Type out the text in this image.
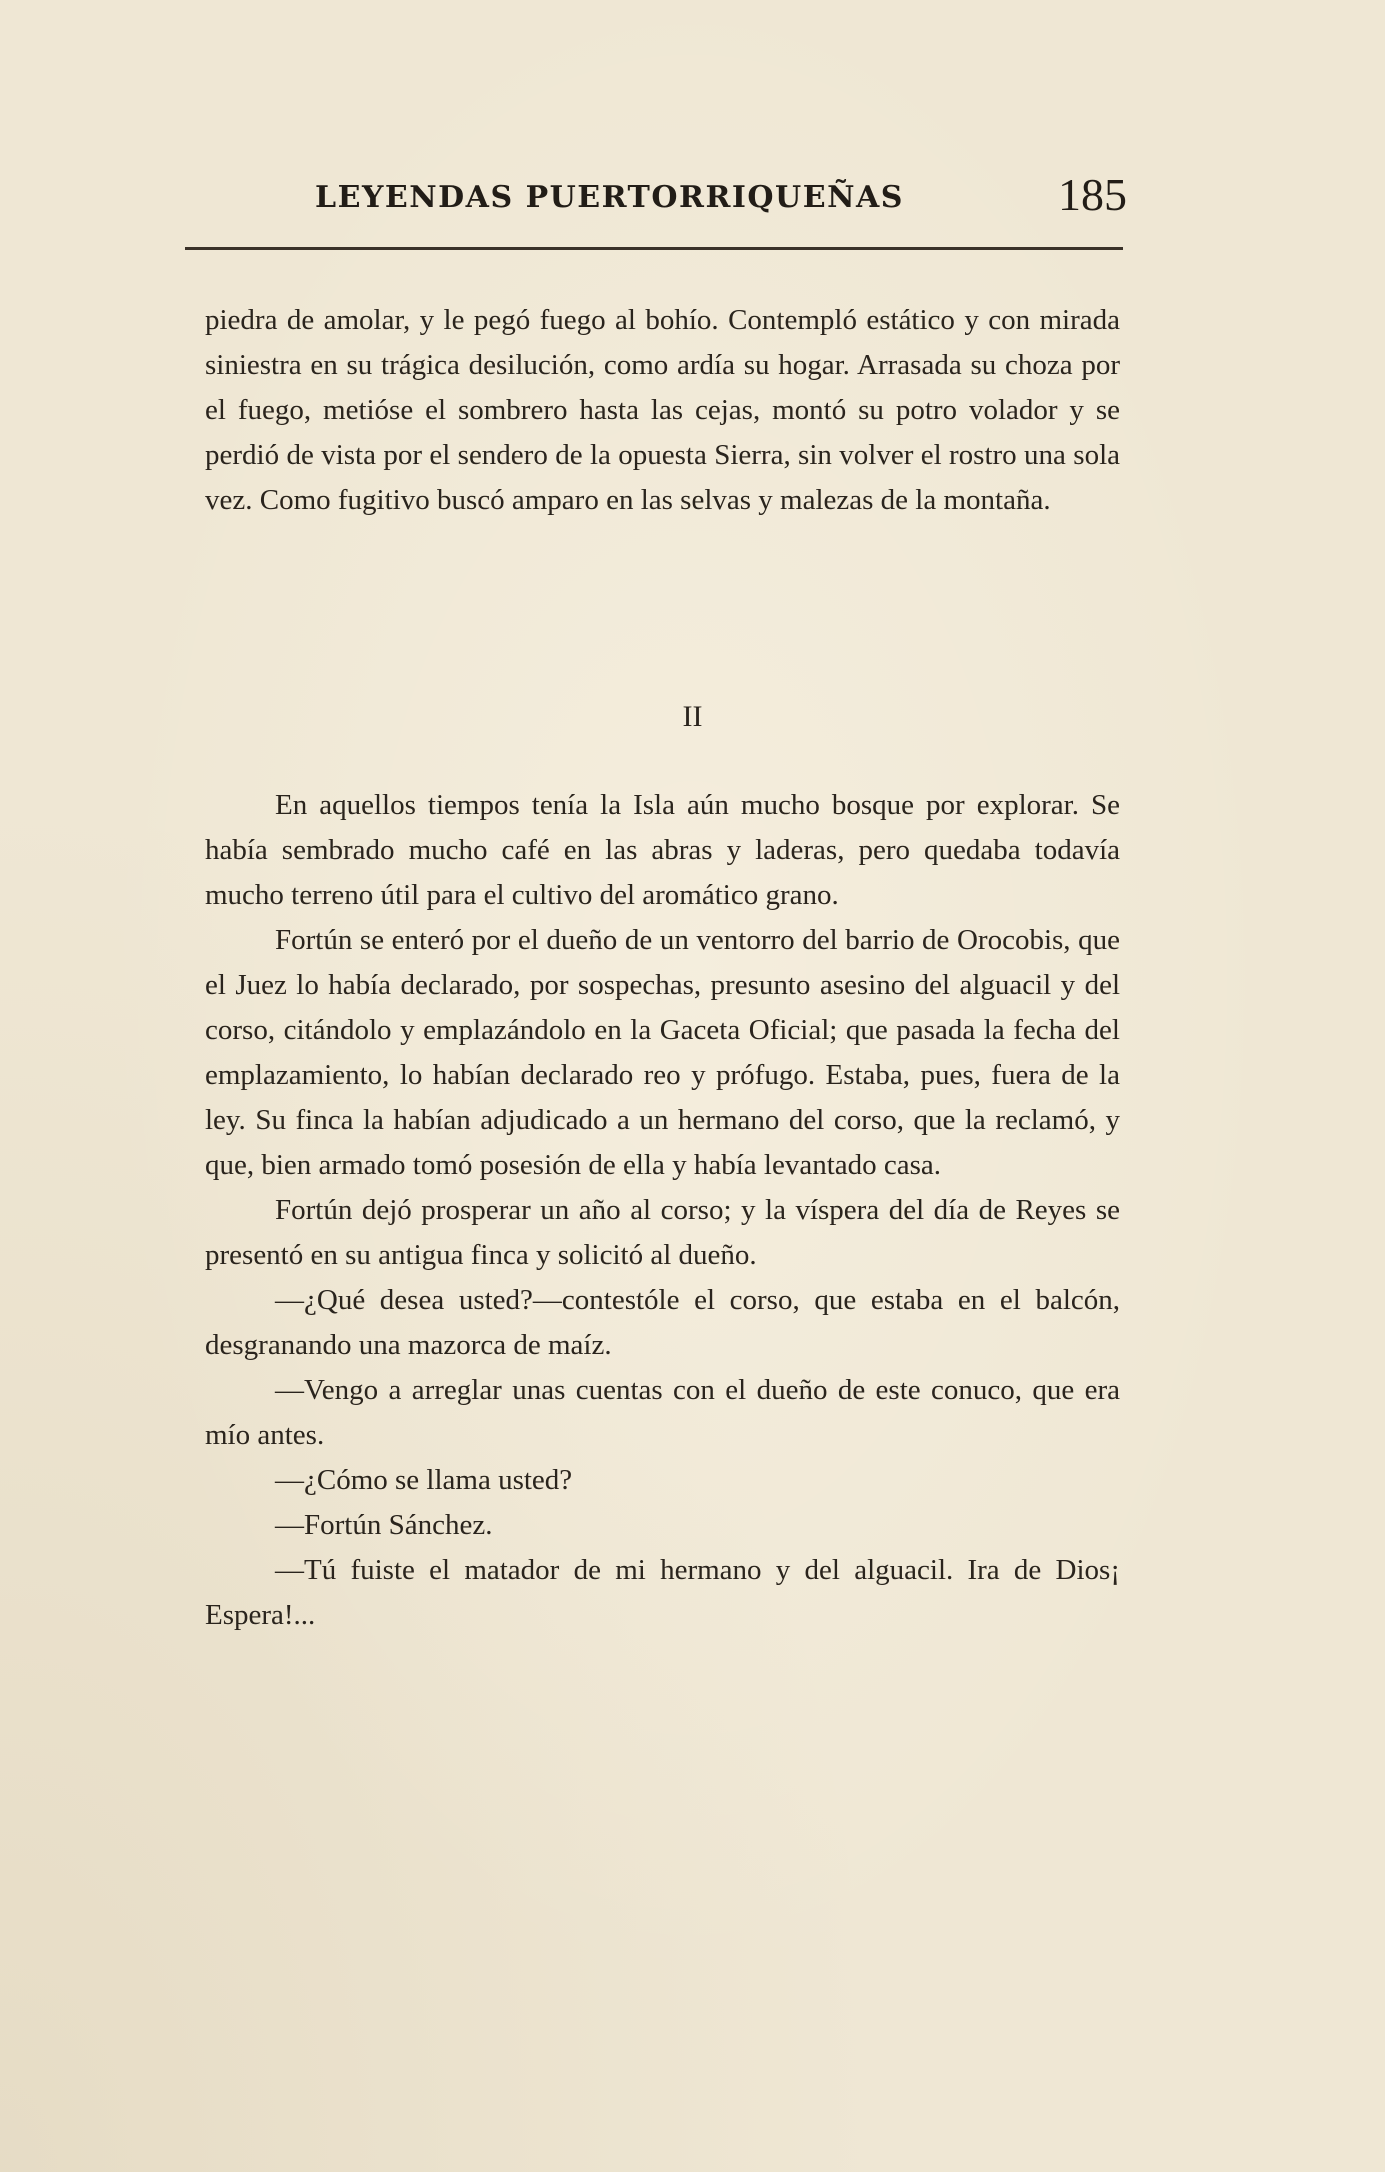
LEYENDAS PUERTORRIQUEÑAS	185

piedra de amolar, y le pegó fuego al bohío. Contempló estático y con mirada siniestra en su trágica desilución, como ardía su hogar. Arrasada su choza por el fuego, metióse el sombrero hasta las cejas, montó su potro volador y se perdió de vista por el sendero de la opuesta Sierra, sin volver el rostro una sola vez. Como fugitivo buscó amparo en las selvas y malezas de la montaña.

II

En aquellos tiempos tenía la Isla aún mucho bosque por explorar. Se había sembrado mucho café en las abras y laderas, pero quedaba todavía mucho terreno útil para el cultivo del aromático grano.

Fortún se enteró por el dueño de un ventorro del barrio de Orocobis, que el Juez lo había declarado, por sospechas, presunto asesino del alguacil y del corso, citándolo y emplazándolo en la Gaceta Oficial; que pasada la fecha del emplazamiento, lo habían declarado reo y prófugo. Estaba, pues, fuera de la ley. Su finca la habían adjudicado a un hermano del corso, que la reclamó, y que, bien armado tomó posesión de ella y había levantado casa.

Fortún dejó prosperar un año al corso; y la víspera del día de Reyes se presentó en su antigua finca y solicitó al dueño.

—¿Qué desea usted?—contestóle el corso, que estaba en el balcón, desgranando una mazorca de maíz.

—Vengo a arreglar unas cuentas con el dueño de este conuco, que era mío antes.

—¿Cómo se llama usted?

—Fortún Sánchez.

—Tú fuiste el matador de mi hermano y del alguacil. Ira de Dios¡ Espera!...
